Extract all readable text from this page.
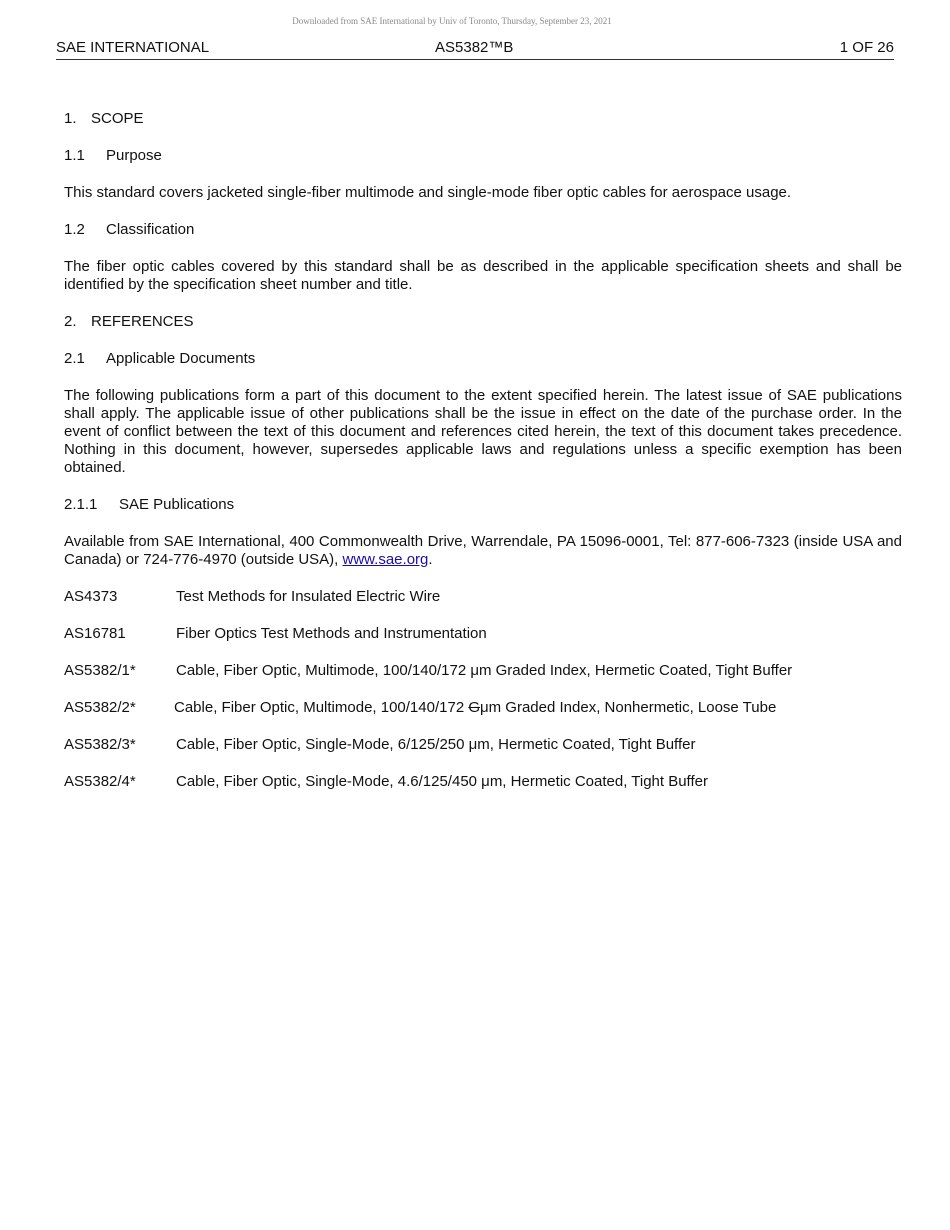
Downloaded from SAE International by Univ of Toronto, Thursday, September 23, 2021
SAE INTERNATIONAL	AS5382™B	1 OF 26
1. SCOPE
1.1 Purpose

This standard covers jacketed single-fiber multimode and single-mode fiber optic cables for aerospace usage.

1.2 Classification

The fiber optic cables covered by this standard shall be as described in the applicable specification sheets and shall be identified by the specification sheet number and title.

2. REFERENCES
2.1 Applicable Documents

The following publications form a part of this document to the extent specified herein. The latest issue of SAE publications shall apply. The applicable issue of other publications shall be the issue in effect on the date of the purchase order. In the event of conflict between the text of this document and references cited herein, the text of this document takes precedence. Nothing in this document, however, supersedes applicable laws and regulations unless a specific exemption has been obtained.

2.1.1 SAE Publications

Available from SAE International, 400 Commonwealth Drive, Warrendale, PA 15096-0001, Tel: 877-606-7323 (inside USA and Canada) or 724-776-4970 (outside USA), www.sae.org.

AS4373	Test Methods for Insulated Electric Wire
AS16781	Fiber Optics Test Methods and Instrumentation
AS5382/1*	Cable, Fiber Optic, Multimode, 100/140/172 μm Graded Index, Hermetic Coated, Tight Buffer
AS5382/2*	Cable, Fiber Optic, Multimode, 100/140/172 Gμm Graded Index, Nonhermetic, Loose Tube
AS5382/3*	Cable, Fiber Optic, Single-Mode, 6/125/250 μm, Hermetic Coated, Tight Buffer
AS5382/4*	Cable, Fiber Optic, Single-Mode, 4.6/125/450 μm, Hermetic Coated, Tight Buffer
